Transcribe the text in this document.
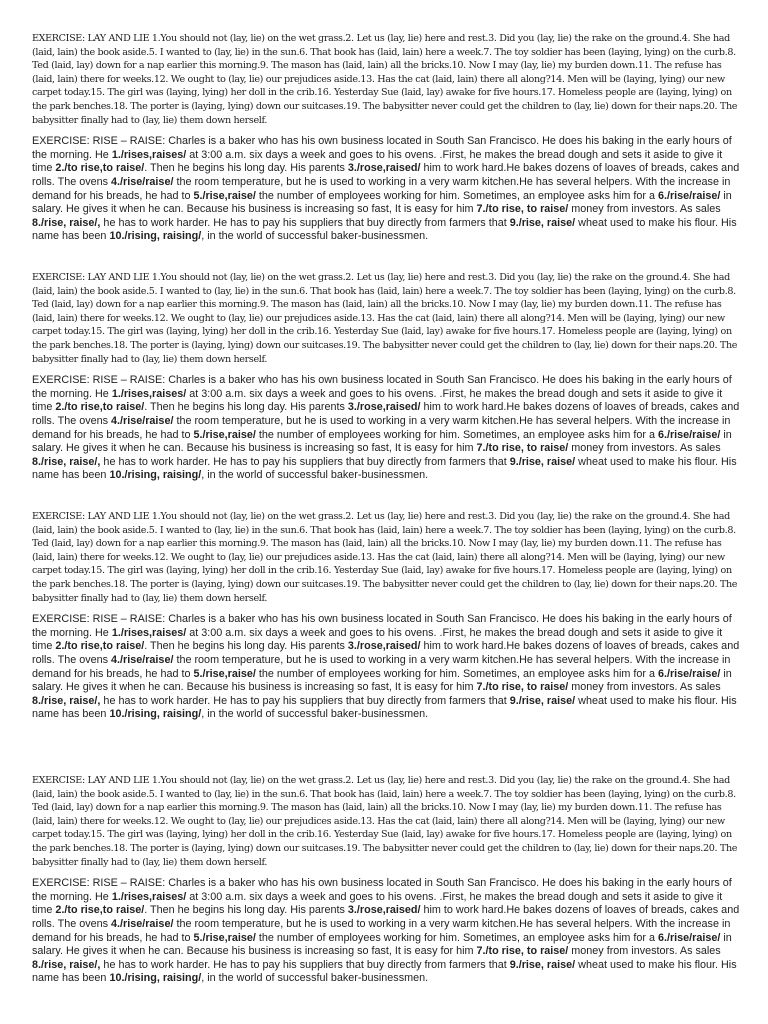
EXERCISE: LAY AND LIE 1.You should not (lay, lie) on the wet grass.2. Let us (lay, lie) here and rest.3. Did you (lay, lie) the rake on the ground.4. She had (laid, lain) the book aside.5. I wanted to (lay, lie) in the sun.6. That book has (laid, lain) here a week.7. The toy soldier has been (laying, lying) on the curb.8. Ted (laid, lay) down for a nap earlier this morning.9. The mason has (laid, lain) all the bricks.10. Now I may (lay, lie) my burden down.11. The refuse has (laid, lain) there for weeks.12. We ought to (lay, lie) our prejudices aside.13. Has the cat (laid, lain) there all along?14. Men will be (laying, lying) our new carpet today.15. The girl was (laying, lying) her doll in the crib.16. Yesterday Sue (laid, lay) awake for five hours.17. Homeless people are (laying, lying) on the park benches.18. The porter is (laying, lying) down our suitcases.19. The babysitter never could get the children to (lay, lie) down for their naps.20. The babysitter finally had to (lay, lie) them down herself.

EXERCISE: RISE – RAISE: Charles is a baker who has his own business located in South San Francisco. He does his baking in the early hours of the morning. He 1./rises,raises/ at 3:00 a.m. six days a week and goes to his ovens. .First, he makes the bread dough and sets it aside to give it time 2./to rise,to raise/. Then he begins his long day. His parents 3./rose,raised/ him to work hard.He bakes dozens of loaves of breads, cakes and rolls. The ovens 4./rise/raise/ the room temperature, but he is used to working in a very warm kitchen.He has several helpers. With the increase in demand for his breads, he had to 5./rise,raise/ the number of employees working for him. Sometimes, an employee asks him for a 6./rise/raise/ in salary. He gives it when he can. Because his business is increasing so fast, It is easy for him 7./to rise, to raise/ money from investors. As sales 8./rise, raise/, he has to work harder. He has to pay his suppliers that buy directly from farmers that 9./rise, raise/ wheat used to make his flour. His name has been 10./rising, raising/, in the world of successful baker-businessmen.

EXERCISE: LAY AND LIE 1.You should not (lay, lie) on the wet grass.2. Let us (lay, lie) here and rest.3. Did you (lay, lie) the rake on the ground.4. She had (laid, lain) the book aside.5. I wanted to (lay, lie) in the sun.6. That book has (laid, lain) here a week.7. The toy soldier has been (laying, lying) on the curb.8. Ted (laid, lay) down for a nap earlier this morning.9. The mason has (laid, lain) all the bricks.10. Now I may (lay, lie) my burden down.11. The refuse has (laid, lain) there for weeks.12. We ought to (lay, lie) our prejudices aside.13. Has the cat (laid, lain) there all along?14. Men will be (laying, lying) our new carpet today.15. The girl was (laying, lying) her doll in the crib.16. Yesterday Sue (laid, lay) awake for five hours.17. Homeless people are (laying, lying) on the park benches.18. The porter is (laying, lying) down our suitcases.19. The babysitter never could get the children to (lay, lie) down for their naps.20. The babysitter finally had to (lay, lie) them down herself.

EXERCISE: RISE – RAISE: Charles is a baker who has his own business located in South San Francisco. He does his baking in the early hours of the morning. He 1./rises,raises/ at 3:00 a.m. six days a week and goes to his ovens. .First, he makes the bread dough and sets it aside to give it time 2./to rise,to raise/. Then he begins his long day. His parents 3./rose,raised/ him to work hard.He bakes dozens of loaves of breads, cakes and rolls. The ovens 4./rise/raise/ the room temperature, but he is used to working in a very warm kitchen.He has several helpers. With the increase in demand for his breads, he had to 5./rise,raise/ the number of employees working for him. Sometimes, an employee asks him for a 6./rise/raise/ in salary. He gives it when he can. Because his business is increasing so fast, It is easy for him 7./to rise, to raise/ money from investors. As sales 8./rise, raise/, he has to work harder. He has to pay his suppliers that buy directly from farmers that 9./rise, raise/ wheat used to make his flour. His name has been 10./rising, raising/, in the world of successful baker-businessmen.

EXERCISE: LAY AND LIE 1.You should not (lay, lie) on the wet grass.2. Let us (lay, lie) here and rest.3. Did you (lay, lie) the rake on the ground.4. She had (laid, lain) the book aside.5. I wanted to (lay, lie) in the sun.6. That book has (laid, lain) here a week.7. The toy soldier has been (laying, lying) on the curb.8. Ted (laid, lay) down for a nap earlier this morning.9. The mason has (laid, lain) all the bricks.10. Now I may (lay, lie) my burden down.11. The refuse has (laid, lain) there for weeks.12. We ought to (lay, lie) our prejudices aside.13. Has the cat (laid, lain) there all along?14. Men will be (laying, lying) our new carpet today.15. The girl was (laying, lying) her doll in the crib.16. Yesterday Sue (laid, lay) awake for five hours.17. Homeless people are (laying, lying) on the park benches.18. The porter is (laying, lying) down our suitcases.19. The babysitter never could get the children to (lay, lie) down for their naps.20. The babysitter finally had to (lay, lie) them down herself.

EXERCISE: RISE – RAISE: Charles is a baker who has his own business located in South San Francisco. He does his baking in the early hours of the morning. He 1./rises,raises/ at 3:00 a.m. six days a week and goes to his ovens. .First, he makes the bread dough and sets it aside to give it time 2./to rise,to raise/. Then he begins his long day. His parents 3./rose,raised/ him to work hard.He bakes dozens of loaves of breads, cakes and rolls. The ovens 4./rise/raise/ the room temperature, but he is used to working in a very warm kitchen.He has several helpers. With the increase in demand for his breads, he had to 5./rise,raise/ the number of employees working for him. Sometimes, an employee asks him for a 6./rise/raise/ in salary. He gives it when he can. Because his business is increasing so fast, It is easy for him 7./to rise, to raise/ money from investors. As sales 8./rise, raise/, he has to work harder. He has to pay his suppliers that buy directly from farmers that 9./rise, raise/ wheat used to make his flour. His name has been 10./rising, raising/, in the world of successful baker-businessmen.

EXERCISE: LAY AND LIE 1.You should not (lay, lie) on the wet grass.2. Let us (lay, lie) here and rest.3. Did you (lay, lie) the rake on the ground.4. She had (laid, lain) the book aside.5. I wanted to (lay, lie) in the sun.6. That book has (laid, lain) here a week.7. The toy soldier has been (laying, lying) on the curb.8. Ted (laid, lay) down for a nap earlier this morning.9. The mason has (laid, lain) all the bricks.10. Now I may (lay, lie) my burden down.11. The refuse has (laid, lain) there for weeks.12. We ought to (lay, lie) our prejudices aside.13. Has the cat (laid, lain) there all along?14. Men will be (laying, lying) our new carpet today.15. The girl was (laying, lying) her doll in the crib.16. Yesterday Sue (laid, lay) awake for five hours.17. Homeless people are (laying, lying) on the park benches.18. The porter is (laying, lying) down our suitcases.19. The babysitter never could get the children to (lay, lie) down for their naps.20. The babysitter finally had to (lay, lie) them down herself.

EXERCISE: RISE – RAISE: Charles is a baker who has his own business located in South San Francisco. He does his baking in the early hours of the morning. He 1./rises,raises/ at 3:00 a.m. six days a week and goes to his ovens. .First, he makes the bread dough and sets it aside to give it time 2./to rise,to raise/. Then he begins his long day. His parents 3./rose,raised/ him to work hard.He bakes dozens of loaves of breads, cakes and rolls. The ovens 4./rise/raise/ the room temperature, but he is used to working in a very warm kitchen.He has several helpers. With the increase in demand for his breads, he had to 5./rise,raise/ the number of employees working for him. Sometimes, an employee asks him for a 6./rise/raise/ in salary. He gives it when he can. Because his business is increasing so fast, It is easy for him 7./to rise, to raise/ money from investors. As sales 8./rise, raise/, he has to work harder. He has to pay his suppliers that buy directly from farmers that 9./rise, raise/ wheat used to make his flour. His name has been 10./rising, raising/, in the world of successful baker-businessmen.
